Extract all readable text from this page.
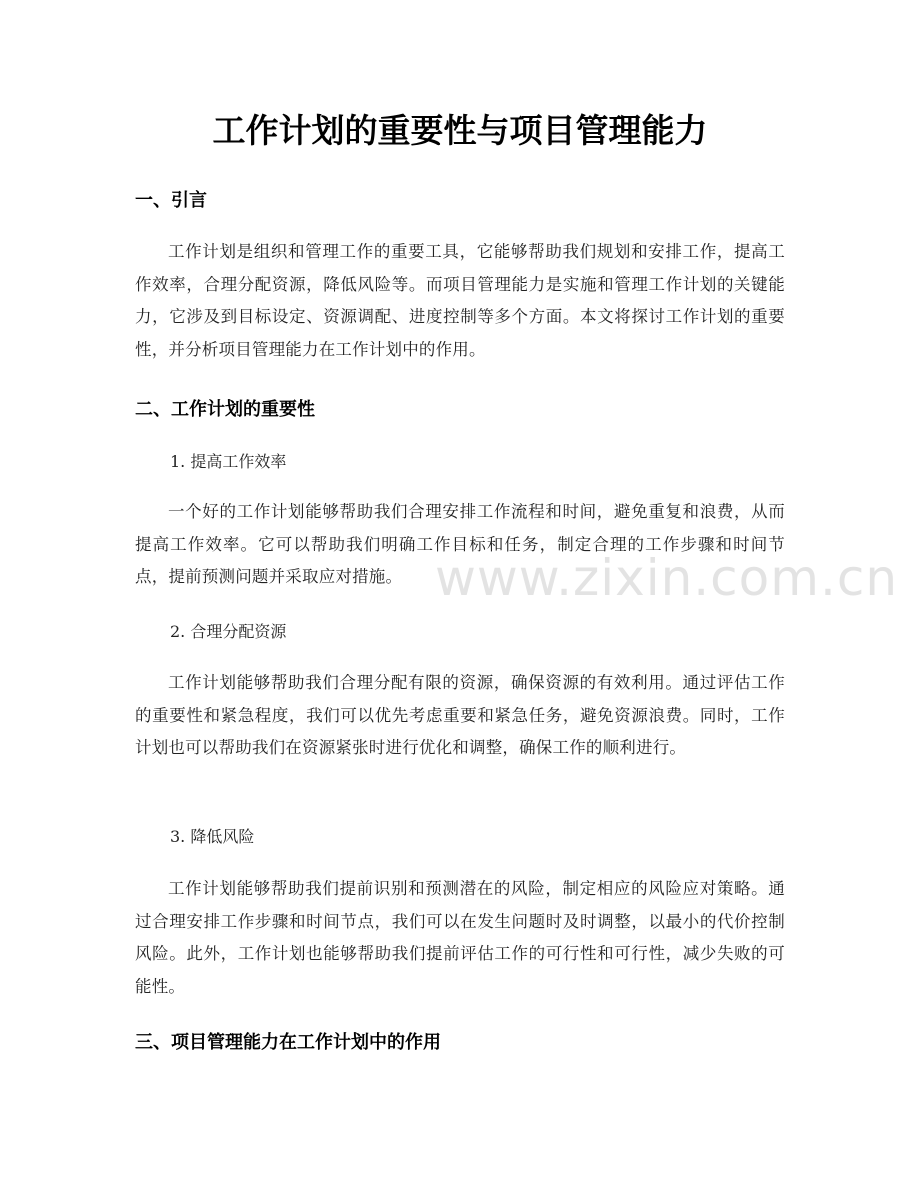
www.zixin.com.cn
工作计划的重要性与项目管理能力
一、引言

工作计划是组织和管理工作的重要工具，它能够帮助我们规划和安排工作，提高工作效率，合理分配资源，降低风险等。而项目管理能力是实施和管理工作计划的关键能力，它涉及到目标设定、资源调配、进度控制等多个方面。本文将探讨工作计划的重要性，并分析项目管理能力在工作计划中的作用。

二、工作计划的重要性
1. 提高工作效率

一个好的工作计划能够帮助我们合理安排工作流程和时间，避免重复和浪费，从而提高工作效率。它可以帮助我们明确工作目标和任务，制定合理的工作步骤和时间节点，提前预测问题并采取应对措施。

2. 合理分配资源

工作计划能够帮助我们合理分配有限的资源，确保资源的有效利用。通过评估工作的重要性和紧急程度，我们可以优先考虑重要和紧急任务，避免资源浪费。同时，工作计划也可以帮助我们在资源紧张时进行优化和调整，确保工作的顺利进行。

3. 降低风险

工作计划能够帮助我们提前识别和预测潜在的风险，制定相应的风险应对策略。通过合理安排工作步骤和时间节点，我们可以在发生问题时及时调整，以最小的代价控制风险。此外，工作计划也能够帮助我们提前评估工作的可行性和可行性，减少失败的可能性。

三、项目管理能力在工作计划中的作用
